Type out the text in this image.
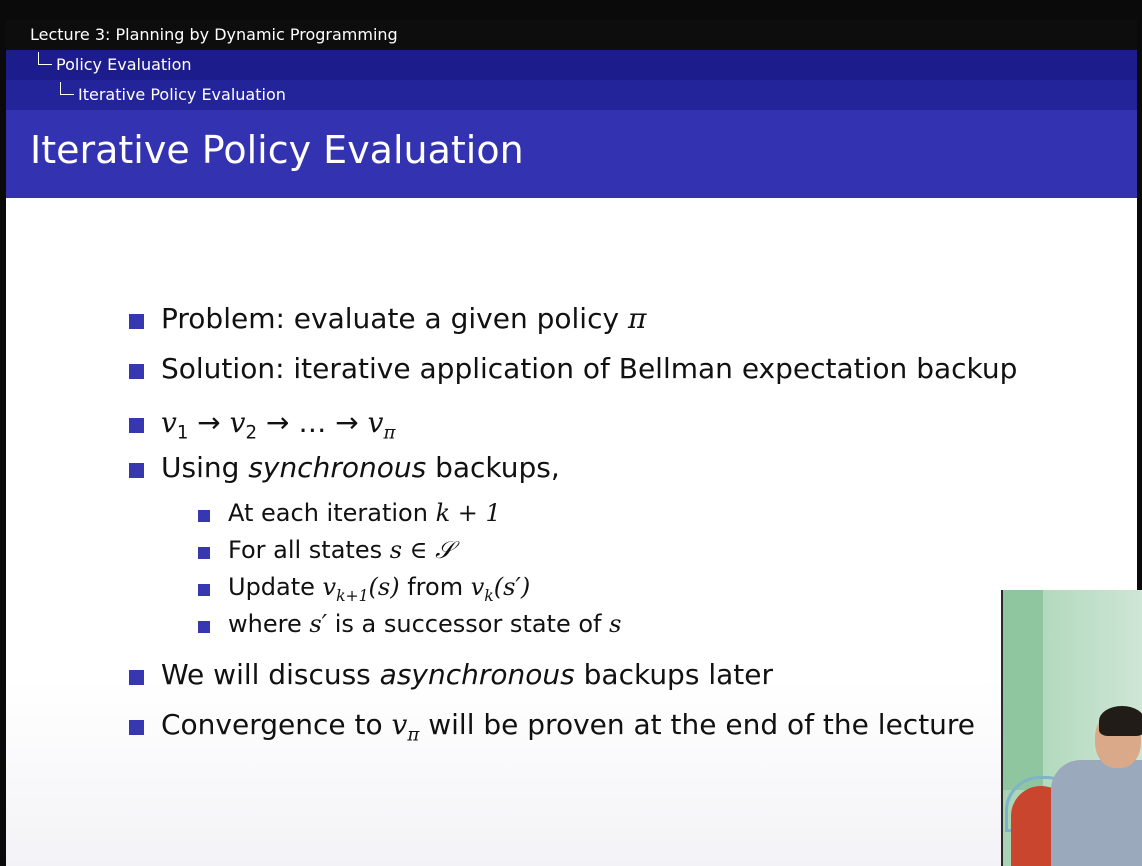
Lecture 3: Planning by Dynamic Programming
Policy Evaluation
Iterative Policy Evaluation
Iterative Policy Evaluation
Problem: evaluate a given policy π
Solution: iterative application of Bellman expectation backup
$v_1 \to v_2$ → … → $v_\pi$
Using synchronous backups,
At each iteration k + 1
For all states s ∈ 𝒮
Update $v_{k+1}(s)$ from $v_k(s')$
where s′ is a successor state of s
We will discuss asynchronous backups later
Convergence to $v_\pi$ will be proven at the end of the lecture
